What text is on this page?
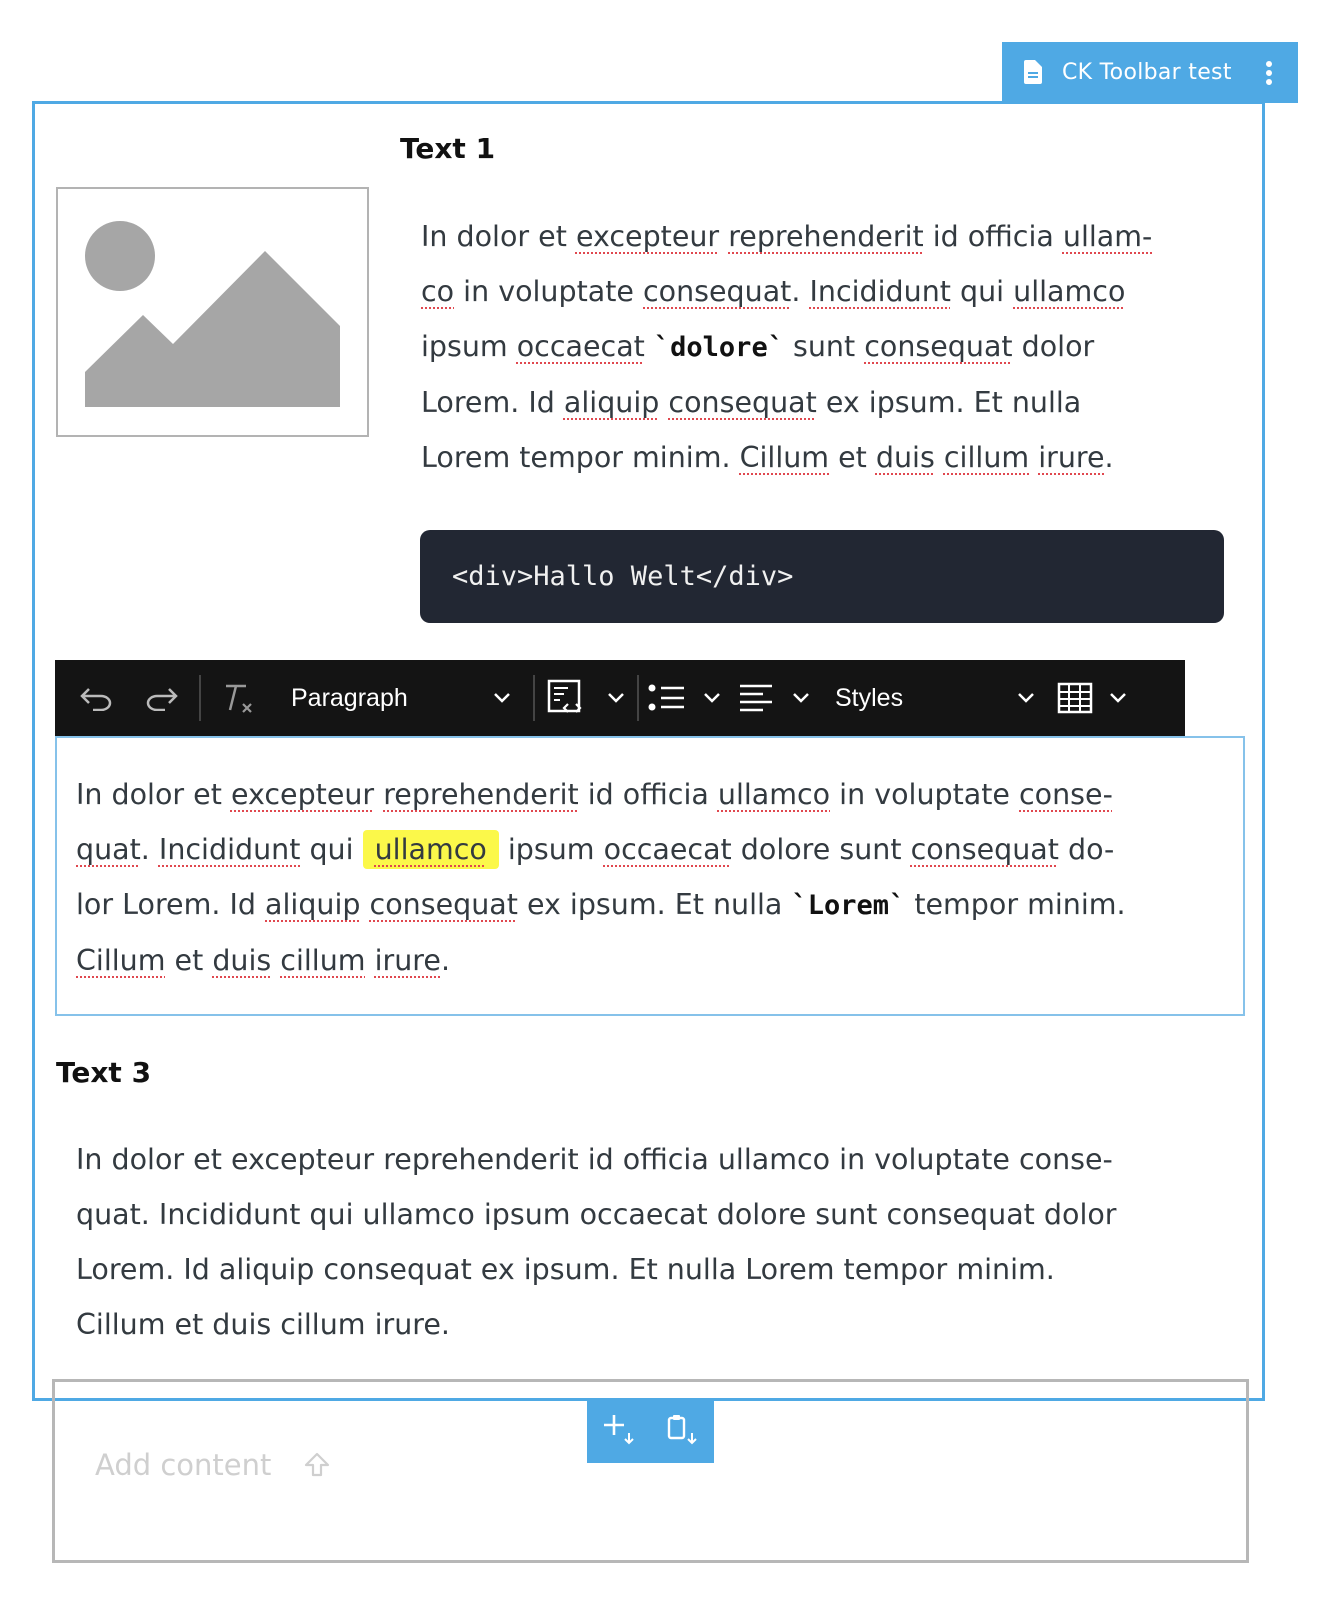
CK Toolbar test
Text 1
In dolor et excepteur reprehenderit id officia ullam-
co in voluptate consequat. Incididunt qui ullamco
ipsum occaecat `dolore` sunt consequat dolor
Lorem. Id aliquip consequat ex ipsum. Et nulla
Lorem tempor minim. Cillum et duis cillum irure.
<div>Hallo Welt</div>
Paragraph	Styles
In dolor et excepteur reprehenderit id officia ullamco in voluptate conse-
quat. Incididunt qui ullamco ipsum occaecat dolore sunt consequat do-
lor Lorem. Id aliquip consequat ex ipsum. Et nulla `Lorem` tempor minim.
Cillum et duis cillum irure.
Text 3
In dolor et excepteur reprehenderit id officia ullamco in voluptate conse-
quat. Incididunt qui ullamco ipsum occaecat dolore sunt consequat dolor
Lorem. Id aliquip consequat ex ipsum. Et nulla Lorem tempor minim.
Cillum et duis cillum irure.
Add content
